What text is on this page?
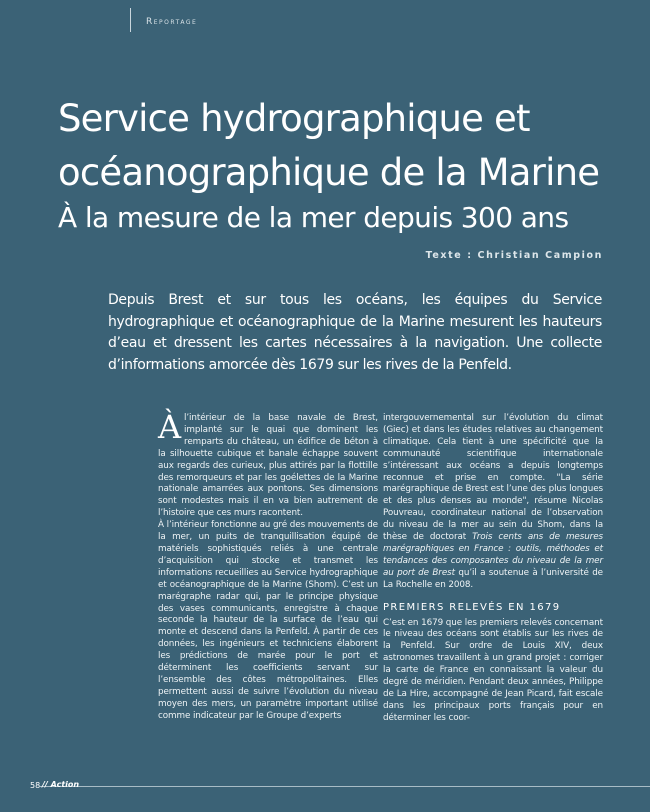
Reportage
Service hydrographique et océanographique de la Marine
À la mesure de la mer depuis 300 ans
Texte : Christian Campion

Depuis Brest et sur tous les océans, les équipes du Service hydrographique et océanographique de la Marine mesurent les hauteurs d’eau et dressent les cartes nécessaires à la navigation. Une collecte d’informations amorcée dès 1679 sur les rives de la Penfeld.

Àl’intérieur de la base navale de Brest, implanté sur le quai que dominent les remparts du château, un édifice de béton à la silhouette cubique et banale échappe souvent aux regards des curieux, plus attirés par la flottille des remorqueurs et par les goélettes de la Marine nationale amarrées aux pontons. Ses dimensions sont modestes mais il en va bien autrement de l’histoire que ces murs racontent.

À l’intérieur fonctionne au gré des mouvements de la mer, un puits de tranquillisation équipé de matériels sophistiqués reliés à une centrale d’acquisition qui stocke et transmet les informations recueillies au Service hydrographique et océanographique de la Marine (Shom). C’est un marégraphe radar qui, par le principe physique des vases communicants, enregistre à chaque seconde la hauteur de la surface de l’eau qui monte et descend dans la Penfeld. À partir de ces données, les ingénieurs et techniciens élaborent les prédictions de marée pour le port et déterminent les coefficients servant sur l’ensemble des côtes métropolitaines. Elles permettent aussi de suivre l’évolution du niveau moyen des mers, un paramètre important utilisé comme indicateur par le Groupe d’experts

intergouvernemental sur l’évolution du climat (Giec) et dans les études relatives au changement climatique. Cela tient à une spécificité que la communauté scientifique internationale s’intéressant aux océans a depuis longtemps reconnue et prise en compte. "La série marégraphique de Brest est l’une des plus longues et des plus denses au monde", résume Nicolas Pouvreau, coordinateur national de l’observation du niveau de la mer au sein du Shom, dans la thèse de doctorat Trois cents ans de mesures marégraphiques en France : outils, méthodes et tendances des composantes du niveau de la mer au port de Brest qu’il a soutenue à l’université de La Rochelle en 2008.

PREMIERS RELEVÉS EN 1679

C’est en 1679 que les premiers relevés concernant le niveau des océans sont établis sur les rives de la Penfeld. Sur ordre de Louis XIV, deux astronomes travaillent à un grand projet : corriger la carte de France en connaissant la valeur du degré de méridien. Pendant deux années, Philippe de La Hire, accompagné de Jean Picard, fait escale dans les principaux ports français pour en déterminer les coor-

58 // Action
